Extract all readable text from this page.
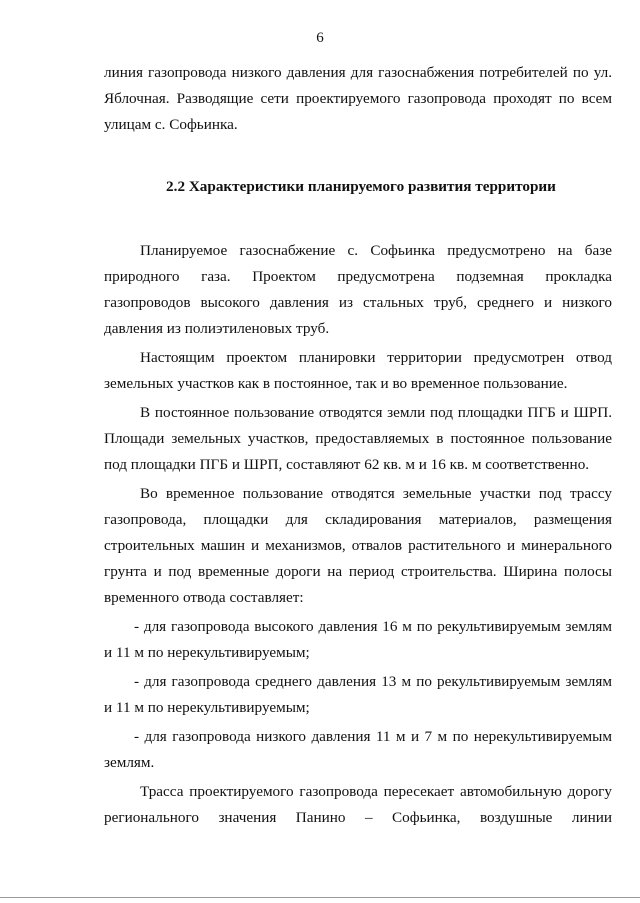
6

линия газопровода низкого давления для газоснабжения потребителей по ул. Яблочная. Разводящие сети проектируемого газопровода проходят по всем улицам с. Софьинка.

2.2 Характеристики планируемого развития территории

Планируемое газоснабжение с. Софьинка предусмотрено на базе природного газа. Проектом предусмотрена подземная прокладка газопроводов высокого давления из стальных труб, среднего и низкого давления из полиэтиленовых труб.

Настоящим проектом планировки территории предусмотрен отвод земельных участков как в постоянное, так и во временное пользование.

В постоянное пользование отводятся земли под площадки ПГБ и ШРП. Площади земельных участков, предоставляемых в постоянное пользование под площадки ПГБ и ШРП, составляют 62 кв. м и 16 кв. м соответственно.

Во временное пользование отводятся земельные участки под трассу газопровода, площадки для складирования материалов, размещения строительных машин и механизмов, отвалов растительного и минерального грунта и под временные дороги на период строительства. Ширина полосы временного отвода составляет:

- для газопровода высокого давления 16 м по рекультивируемым землям и 11 м по нерекультивируемым;

- для газопровода среднего давления 13 м по рекультивируемым землям и 11 м по нерекультивируемым;

- для газопровода низкого давления 11 м и 7 м по нерекультивируемым землям.

Трасса проектируемого газопровода пересекает автомобильную дорогу регионального значения Панино – Софьинка, воздушные линии
